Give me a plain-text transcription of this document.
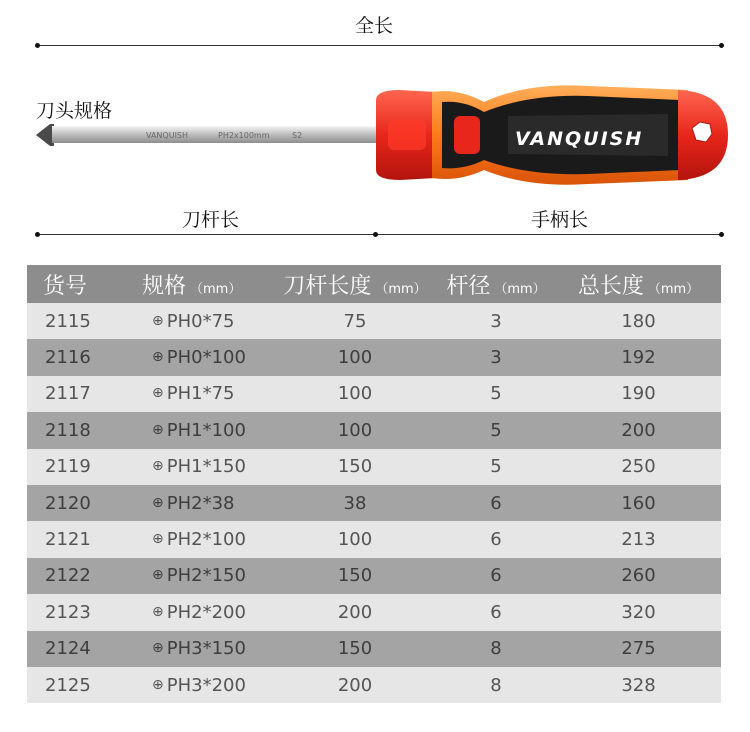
全长
刀头规格
VANQUISH	PH2x100mm	S2	VANQUISH
刀杆长	手柄长
货号	规格 （mm）	刀杆长度 （mm）	杆径 （mm）	总长度 （mm）
2115	⊕ PH0*75	75	3	180
2116	⊕ PH0*100	100	3	192
2117	⊕ PH1*75	100	5	190
2118	⊕ PH1*100	100	5	200
2119	⊕ PH1*150	150	5	250
2120	⊕ PH2*38	38	6	160
2121	⊕ PH2*100	100	6	213
2122	⊕ PH2*150	150	6	260
2123	⊕ PH2*200	200	6	320
2124	⊕ PH3*150	150	8	275
2125	⊕ PH3*200	200	8	328
